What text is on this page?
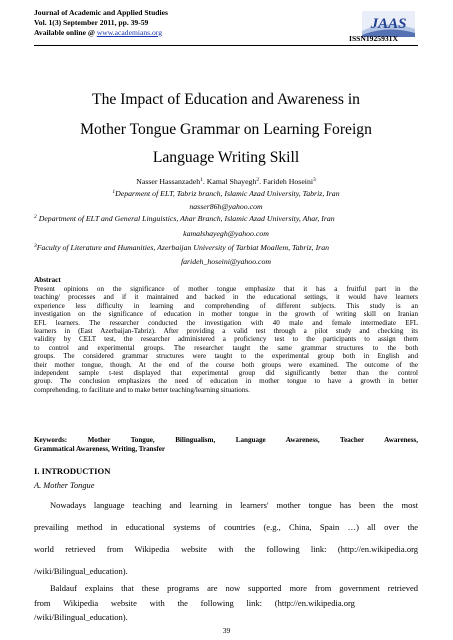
Journal of Academic and Applied Studies
Vol. 1(3) September 2011, pp. 39-59
Available online @ www.academians.org
JAAS
ISSN1925931X
The Impact of Education and Awareness in
Mother Tongue Grammar on Learning Foreign
Language Writing Skill
Nasser Hassanzadeh$^1$. Kamal Shayegh$^2$. Farideh Hoseini$^3$
$^1$Deparment of ELT, Tabriz branch, Islamic Azad University, Tabriz, Iran
nasser86h@yahoo.com
$^2$ Department of ELT and General Linguistics, Ahar Branch, Islamic Azad University, Ahar, Iran
kamalshayegh@yahoo.com
$^3$Faculty of Literature and Humanities, Azerbaijan University of Tarbiat Moallem, Tabriz, Iran
farideh_hoseini@yahoo.com
Abstract
Present opinions on the significance of mother tongue emphasize that it has a fruitful part in the
teaching/ processes and if it maintained and backed in the educational settings, it would have learners
experience less difficulty in learning and comprehending of different subjects. This study is an
investigation on the significance of education in mother tongue in the growth of writing skill on Iranian
EFL learners. The researcher conducted the investigation with 40 male and female intermediate EFL
learners in (East Azerbaijan-Tabriz). After providing a valid test through a pilot study and checking its
validity by CELT test, the researcher administered a proficiency test to the participants to assign them
to control and experimental groups. The researcher taught the same grammar structures to the both
groups. The considered grammar structures were taught to the experimental group both in English and
their mother tongue, though. At the end of the course both groups were examined. The outcome of the
independent sample t-test displayed that experimental group did significantly better than the control
group. The conclusion emphasizes the need of education in mother tongue to have a growth in better
comprehending, to facilitate and to make better teaching/learning situations.
Keywords: Mother Tongue, Bilingualism, Language Awareness, Teacher Awareness,
Grammatical Awareness, Writing, Transfer
I. INTRODUCTION
A. Mother Tongue
Nowadays language teaching and learning in learners' mother tongue has been the most
prevailing method in educational systems of countries (e.g., China, Spain …) all over the
world retrieved from Wikipedia website with the following link: (http://en.wikipedia.org
/wiki/Bilingual_education).
Baldauf explains that these programs are now supported more from government retrieved
from      Wikipedia      website      with      the      following      link:      (http://en.wikipedia.org
39
/wiki/Bilingual_education).
